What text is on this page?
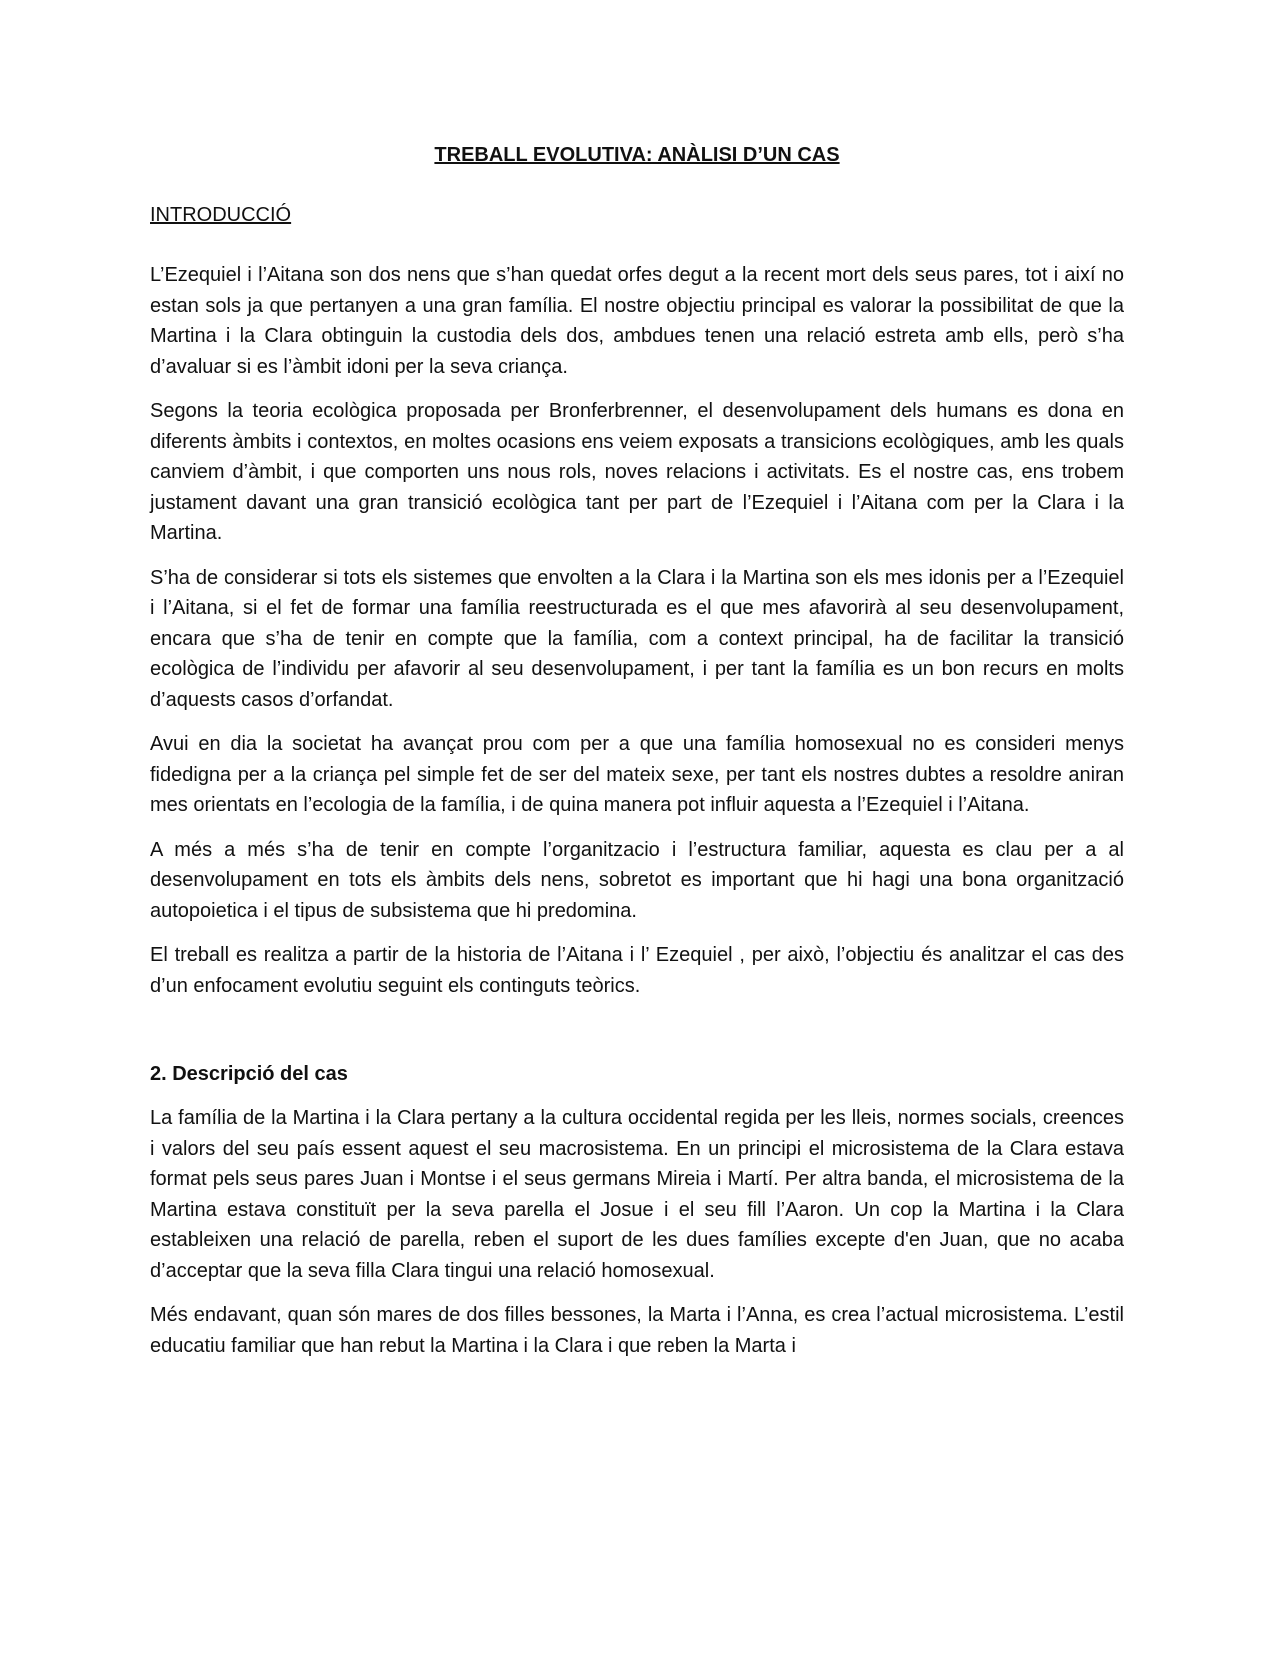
TREBALL EVOLUTIVA: ANÀLISI D’UN CAS
INTRODUCCIÓ

L’Ezequiel i l’Aitana son dos nens que s’han quedat orfes degut a la recent mort dels seus pares, tot i així no estan sols ja que pertanyen a una gran família. El nostre objectiu principal es valorar la possibilitat de que la Martina i la Clara obtinguin la custodia dels dos, ambdues tenen una relació estreta amb ells, però s’ha d’avaluar si es l’àmbit idoni per la seva criança.

Segons la teoria ecològica proposada per Bronferbrenner, el desenvolupament dels humans es dona en diferents àmbits i contextos, en moltes ocasions ens veiem exposats a transicions ecològiques, amb les quals canviem d’àmbit, i que comporten uns nous rols, noves relacions i activitats. Es el nostre cas, ens trobem justament davant una gran transició ecològica tant per part de l’Ezequiel i l’Aitana com per la Clara i la Martina.

S’ha de considerar si tots els sistemes que envolten a la Clara i la Martina son els mes idonis per a l’Ezequiel i l’Aitana, si el fet de formar una família reestructurada es el que mes afavorirà al seu desenvolupament, encara que s’ha de tenir en compte que la família, com a context principal, ha de facilitar la transició ecològica de l’individu per afavorir al seu desenvolupament, i per tant la família es un bon recurs en molts d’aquests casos d’orfandat.

Avui en dia la societat ha avançat prou com per a que una família homosexual no es consideri menys fidedigna per a la criança pel simple fet de ser del mateix sexe, per tant els nostres dubtes a resoldre aniran mes orientats en l’ecologia de la família, i de quina manera pot influir aquesta a l’Ezequiel i l’Aitana.

A més a més s’ha de tenir en compte l’organitzacio i l’estructura familiar, aquesta es clau per a al desenvolupament en tots els àmbits dels nens, sobretot es important que hi hagi una bona organització autopoietica i el tipus de subsistema que hi predomina.

El treball es realitza a partir de la historia de l’Aitana i l’ Ezequiel , per això, l’objectiu és analitzar el cas des d’un enfocament evolutiu seguint els continguts teòrics.

2. Descripció del cas

La família de la Martina i la Clara pertany a la cultura occidental regida per les lleis, normes socials, creences i valors del seu país essent aquest el seu macrosistema. En un principi el microsistema de la Clara estava format pels seus pares Juan i Montse i el seus germans Mireia i Martí. Per altra banda, el microsistema de la Martina estava constituït per la seva parella el Josue i el seu fill l’Aaron. Un cop la Martina i la Clara estableixen una relació de parella, reben el suport de les dues famílies excepte d'en Juan, que no acaba d’acceptar que la seva filla Clara tingui una relació homosexual.

Més endavant, quan són mares de dos filles bessones, la Marta i l’Anna, es crea l’actual microsistema. L’estil educatiu familiar que han rebut la Martina i la Clara i que reben la Marta i
